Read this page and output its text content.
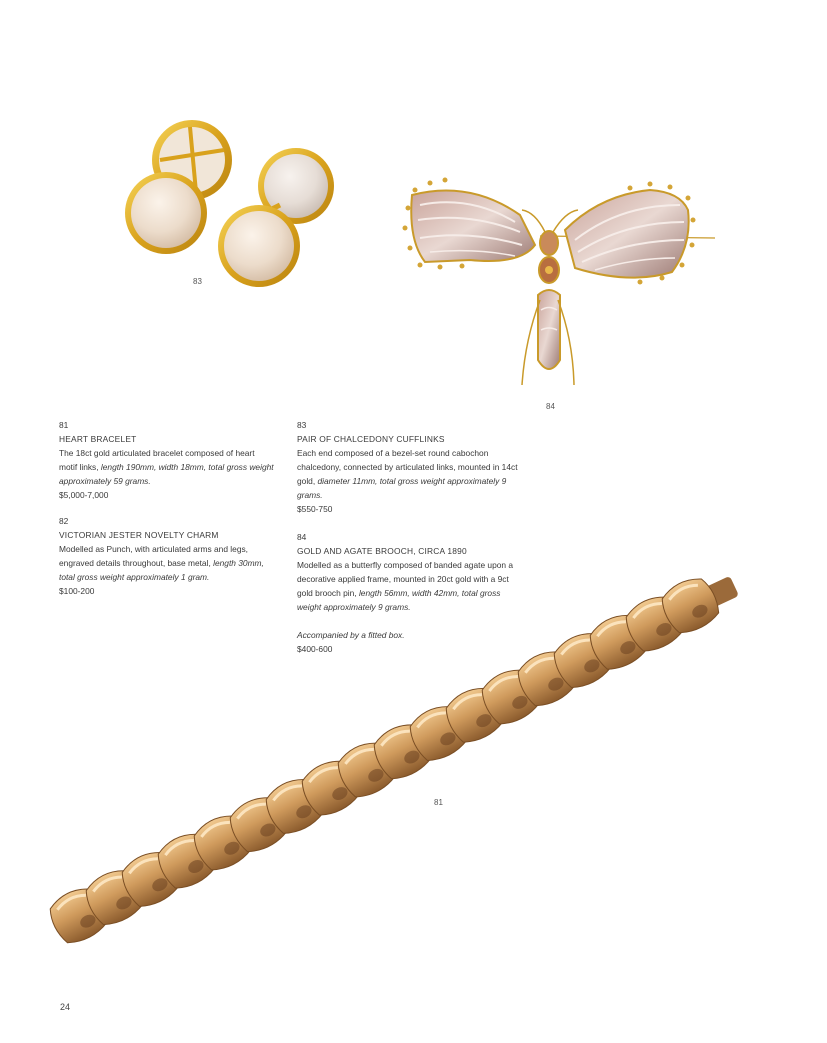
83
84
81
81
HEART BRACELET
The 18ct gold articulated bracelet composed of heart motif links, length 190mm, width 18mm, total gross weight approximately 59 grams.
$5,000-7,000
82
VICTORIAN JESTER NOVELTY CHARM
Modelled as Punch, with articulated arms and legs, engraved details throughout, base metal, length 30mm, total gross weight approximately 1 gram.
$100-200
83
PAIR OF CHALCEDONY CUFFLINKS
Each end composed of a bezel-set round cabochon chalcedony, connected by articulated links, mounted in 14ct gold, diameter 11mm, total gross weight approximately 9 grams.
$550-750
84
GOLD AND AGATE BROOCH, CIRCA 1890
Modelled as a butterfly composed of banded agate upon a decorative applied frame, mounted in 20ct gold with a 9ct gold brooch pin, length 56mm, width 42mm, total gross weight approximately 9 grams.
Accompanied by a fitted box.
$400-600
24
